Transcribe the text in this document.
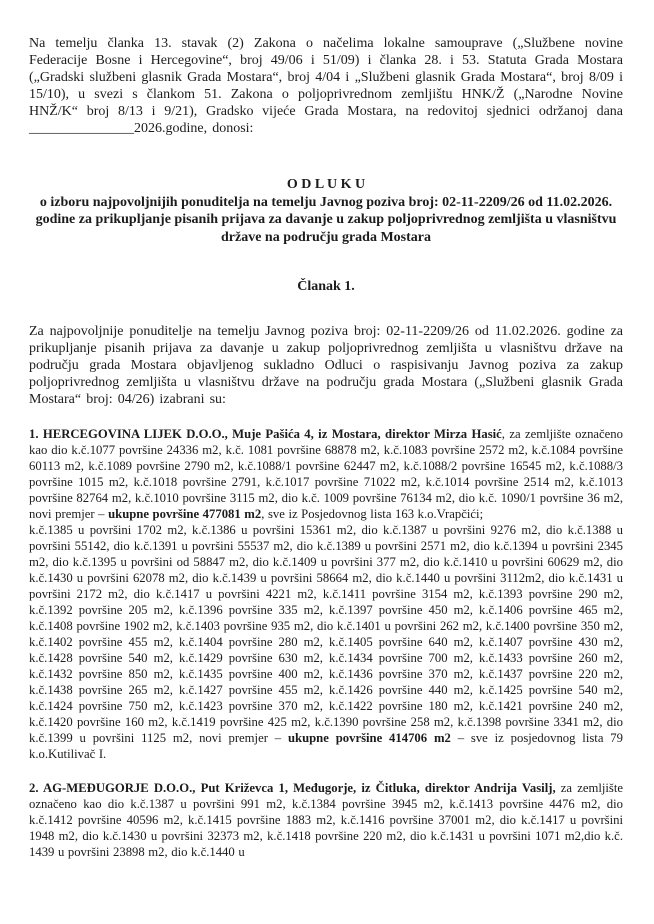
Na temelju članka 13. stavak (2) Zakona o načelima lokalne samouprave („Službene novine Federacije Bosne i Hercegovine“, broj 49/06 i 51/09) i članka 28. i 53. Statuta Grada Mostara („Gradski službeni glasnik Grada Mostara“, broj 4/04 i „Službeni glasnik Grada Mostara“, broj 8/09 i 15/10), u svezi s člankom 51. Zakona o poljoprivrednom zemljištu HNK/Ž („Narodne Novine HNŽ/K“ broj 8/13 i 9/21), Gradsko vijeće Grada Mostara, na redovitoj sjednici održanoj dana _______________2026.godine, donosi:

O D L U K U

o izboru najpovoljnijih ponuditelja na temelju Javnog poziva broj: 02-11-2209/26 od 11.02.2026. godine za prikupljanje pisanih prijava za davanje u zakup poljoprivrednog zemljišta u vlasništvu države na području grada Mostara

Članak 1.

Za najpovoljnije ponuditelje na temelju Javnog poziva broj: 02-11-2209/26 od 11.02.2026. godine za prikupljanje pisanih prijava za davanje u zakup poljoprivrednog zemljišta u vlasništvu države na području grada Mostara objavljenog sukladno Odluci o raspisivanju Javnog poziva za zakup poljoprivrednog zemljišta u vlasništvu države na području grada Mostara („Službeni glasnik Grada Mostara“ broj: 04/26) izabrani su:

1. HERCEGOVINA LIJEK D.O.O., Muje Pašića 4, iz Mostara, direktor Mirza Hasić, za zemljište označeno kao dio k.č.1077 površine 24336 m2, k.č. 1081 površine 68878 m2, k.č.1083 površine 2572 m2, k.č.1084 površine 60113 m2, k.č.1089 površine 2790 m2, k.č.1088/1 površine 62447 m2, k.č.1088/2 površine 16545 m2, k.č.1088/3 površine 1015 m2, k.č.1018 površine 2791, k.č.1017 površine 71022 m2, k.č.1014 površine 2514 m2, k.č.1013 površine 82764 m2, k.č.1010 površine 3115 m2, dio k.č. 1009 površine 76134 m2, dio k.č. 1090/1 površine 36 m2, novi premjer – ukupne površine 477081 m2, sve iz Posjedovnog lista 163 k.o.Vrapčići;
k.č.1385 u površini 1702 m2, k.č.1386 u površini 15361 m2, dio k.č.1387 u površini 9276 m2, dio k.č.1388 u površini 55142, dio k.č.1391 u površini 55537 m2, dio k.č.1389 u površini 2571 m2, dio k.č.1394 u površini 2345 m2, dio k.č.1395 u površini od 58847 m2, dio k.č.1409 u površini 377 m2, dio k.č.1410 u površini 60629 m2, dio k.č.1430 u površini 62078 m2, dio k.č.1439 u površini 58664 m2, dio k.č.1440 u površini 3112m2, dio k.č.1431 u površini 2172 m2, dio k.č.1417 u površini 4221 m2, k.č.1411 površine 3154 m2, k.č.1393 površine 290 m2, k.č.1392 površine 205 m2, k.č.1396 površine 335 m2, k.č.1397 površine 450 m2, k.č.1406 površine 465 m2, k.č.1408 površine 1902 m2, k.č.1403 površine 935 m2, dio k.č.1401 u površini 262 m2, k.č.1400 površine 350 m2, k.č.1402 površine 455 m2, k.č.1404 površine 280 m2, k.č.1405 površine 640 m2, k.č.1407 površine 430 m2, k.č.1428 površine 540 m2, k.č.1429 površine 630 m2, k.č.1434 površine 700 m2, k.č.1433 površine 260 m2, k.č.1432 površine 850 m2, k.č.1435 površine 400 m2, k.č.1436 površine 370 m2, k.č.1437 površine 220 m2, k.č.1438 površine 265 m2, k.č.1427 površine 455 m2, k.č.1426 površine 440 m2, k.č.1425 površine 540 m2, k.č.1424 površine 750 m2, k.č.1423 površine 370 m2, k.č.1422 površine 180 m2, k.č.1421 površine 240 m2, k.č.1420 površine 160 m2, k.č.1419 površine 425 m2, k.č.1390 površine 258 m2, k.č.1398 površine 3341 m2, dio k.č.1399 u površini 1125 m2, novi premjer – ukupne površine 414706 m2 – sve iz posjedovnog lista 79 k.o.Kutilivač I.

2. AG-MEĐUGORJE D.O.O., Put Križevca 1, Međugorje, iz Čitluka, direktor Andrija Vasilj, za zemljište označeno kao dio k.č.1387 u površini 991 m2, k.č.1384 površine 3945 m2, k.č.1413 površine 4476 m2, dio k.č.1412 površine 40596 m2, k.č.1415 površine 1883 m2, k.č.1416 površine 37001 m2, dio k.č.1417 u površini 1948 m2, dio k.č.1430 u površini 32373 m2, k.č.1418 površine 220 m2, dio k.č.1431 u površini 1071 m2,dio k.č. 1439 u površini 23898 m2, dio k.č.1440 u
